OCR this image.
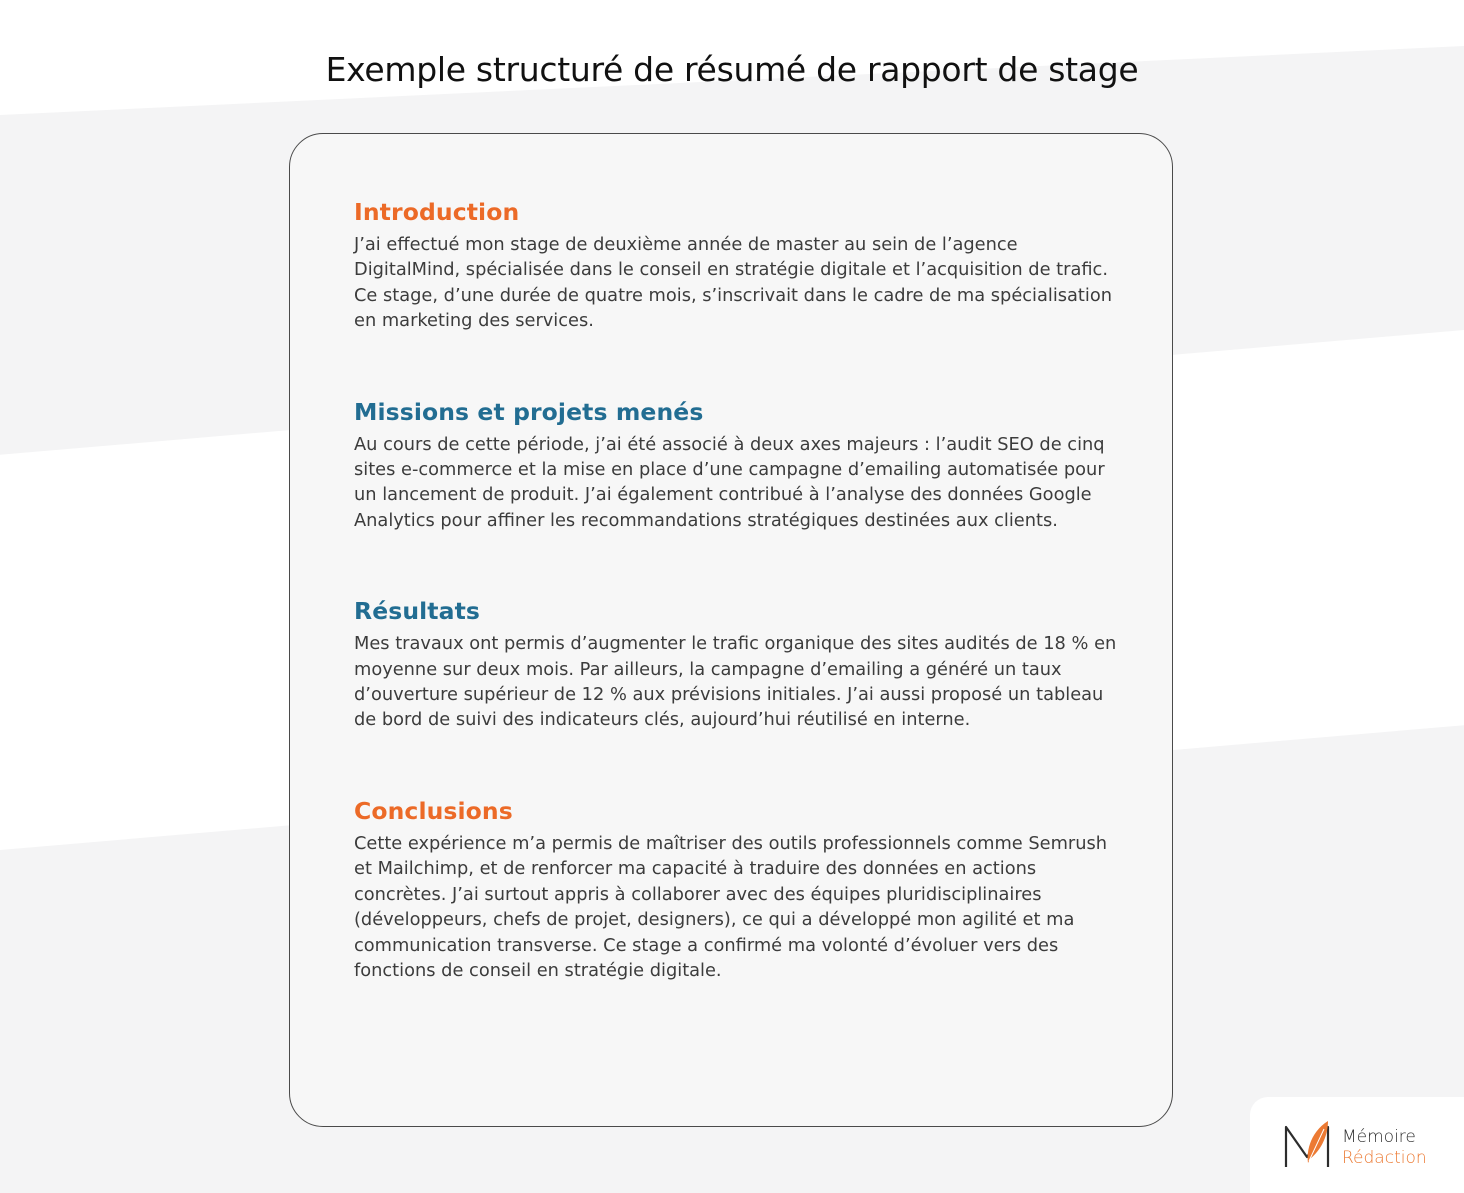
Exemple structuré de résumé de rapport de stage
Introduction

J’ai effectué mon stage de deuxième année de master au sein de l’agence DigitalMind, spécialisée dans le conseil en stratégie digitale et l’acquisition de trafic. Ce stage, d’une durée de quatre mois, s’inscrivait dans le cadre de ma spécialisation en marketing des services.

Missions et projets menés

Au cours de cette période, j’ai été associé à deux axes majeurs : l’audit SEO de cinq sites e-commerce et la mise en place d’une campagne d’emailing automatisée pour un lancement de produit. J’ai également contribué à l’analyse des données Google Analytics pour affiner les recommandations stratégiques destinées aux clients.

Résultats

Mes travaux ont permis d’augmenter le trafic organique des sites audités de 18 % en moyenne sur deux mois. Par ailleurs, la campagne d’emailing a généré un taux d’ouverture supérieur de 12 % aux prévisions initiales. J’ai aussi proposé un tableau de bord de suivi des indicateurs clés, aujourd’hui réutilisé en interne.

Conclusions

Cette expérience m’a permis de maîtriser des outils professionnels comme Semrush et Mailchimp, et de renforcer ma capacité à traduire des données en actions concrètes. J’ai surtout appris à collaborer avec des équipes pluridisciplinaires (développeurs, chefs de projet, designers), ce qui a développé mon agilité et ma communication transverse. Ce stage a confirmé ma volonté d’évoluer vers des fonctions de conseil en stratégie digitale.

Mémoire
Rédaction
